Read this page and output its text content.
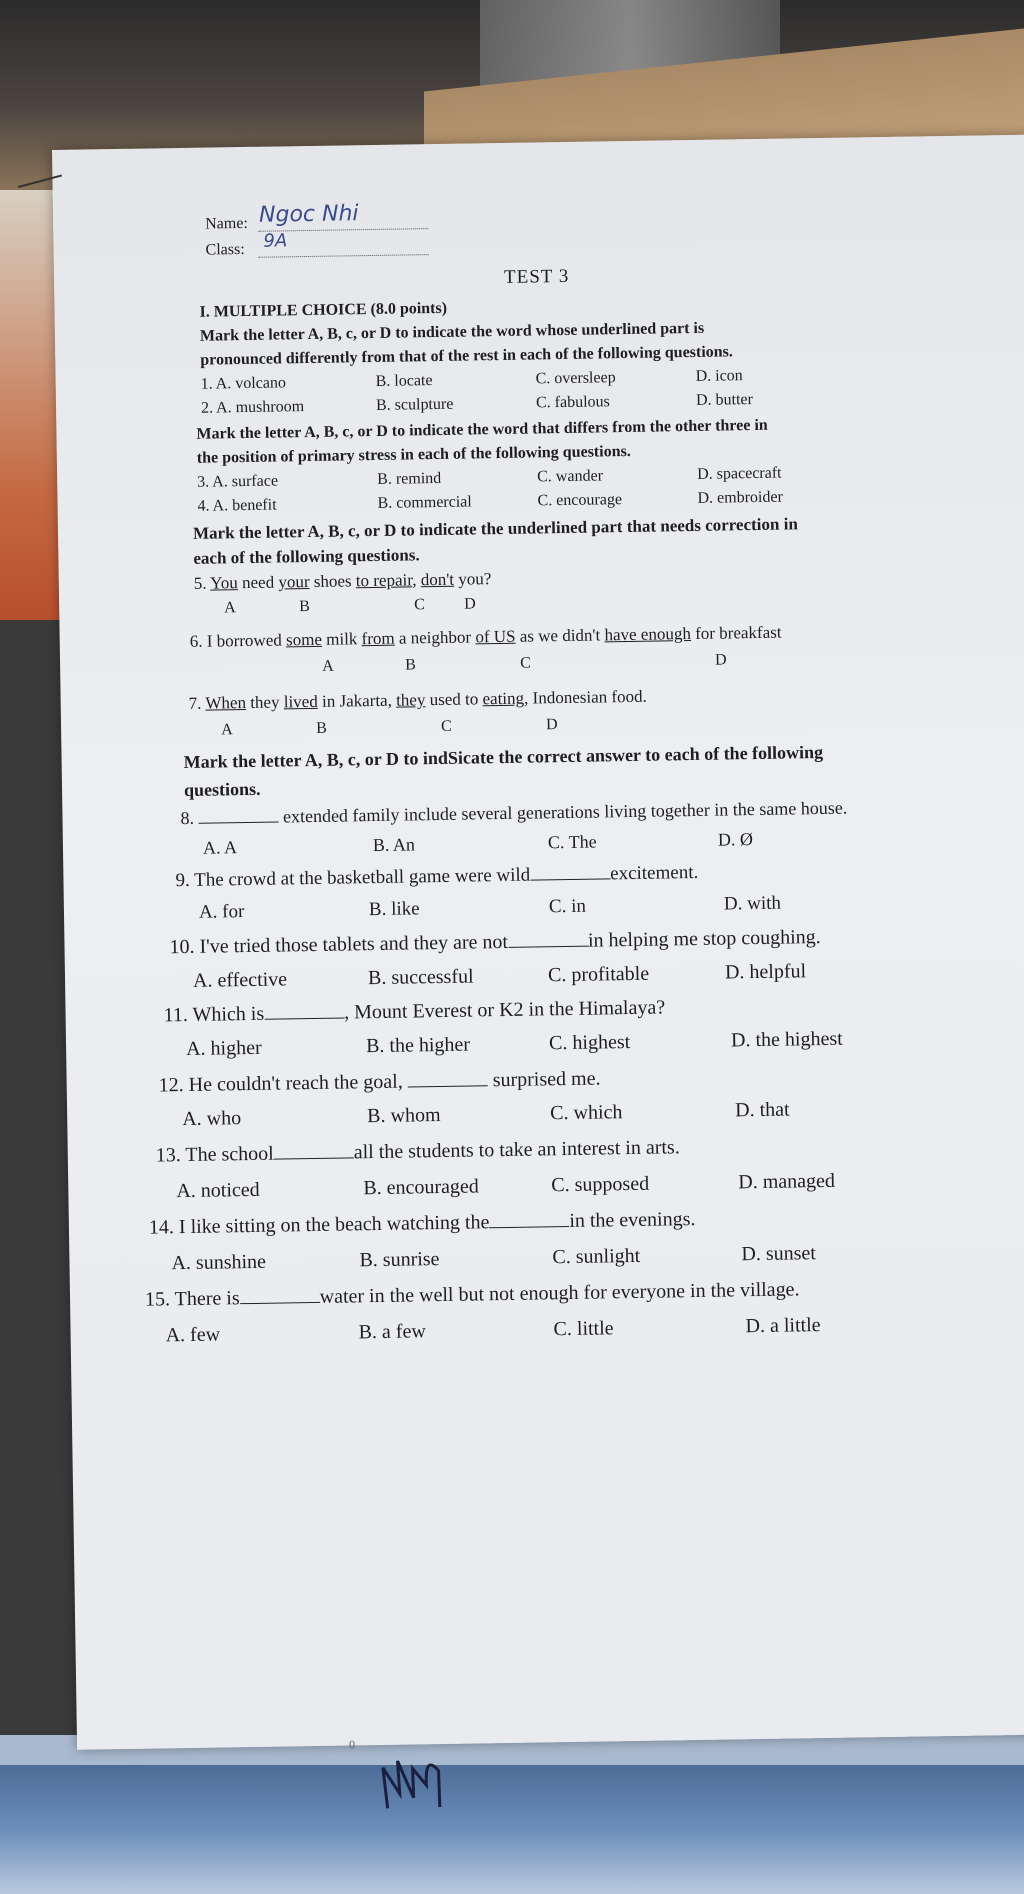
Name: Ngoc Nhi
Class: 9A
TEST 3
I. MULTIPLE CHOICE (8.0 points)
Mark the letter A, B, c, or D to indicate the word whose underlined part is
pronounced differently from that of the rest in each of the following questions.
1. A. volcano	B. locate	C. oversleep	D. icon
2. A. mushroom	B. sculpture	C. fabulous	D. butter
Mark the letter A, B, c, or D to indicate the word that differs from the other three in
the position of primary stress in each of the following questions.
3. A. surface	B. remind	C. wander	D. spacecraft
4. A. benefit	B. commercial	C. encourage	D. embroider
Mark the letter A, B, c, or D to indicate the underlined part that needs correction in
each of the following questions.
5. You need your shoes to repair, don't you?
A	B	C D
6. I borrowed some milk from a neighbor of US as we didn't have enough for breakfast
A	B	C	D
7. When they lived in Jakarta, they used to eating, Indonesian food.
A	B	C	D
Mark the letter A, B, c, or D to indSicate the correct answer to each of the following
questions.
8.	extended family include several generations living together in the same house.
A. A	B. An	C. The	D. Ø
9. The crowd at the basketball game were wild	excitement.
A. for	B. like	C. in	D. with
10. I've tried those tablets and they are not	in helping me stop coughing.
A. effective	B. successful	C. profitable	D. helpful
11. Which is	, Mount Everest or K2 in the Himalaya?
A. higher	B. the higher	C. highest	D. the highest
12. He couldn't reach the goal,	surprised me.
A. who	B. whom	C. which	D. that
13. The school	all the students to take an interest in arts.
A. noticed	B. encouraged	C. supposed	D. managed
14. I like sitting on the beach watching the	in the evenings.
A. sunshine	B. sunrise	C. sunlight	D. sunset
15. There is	water in the well but not enough for everyone in the village.
A. few	B. a few	C. little	D. a little
0
